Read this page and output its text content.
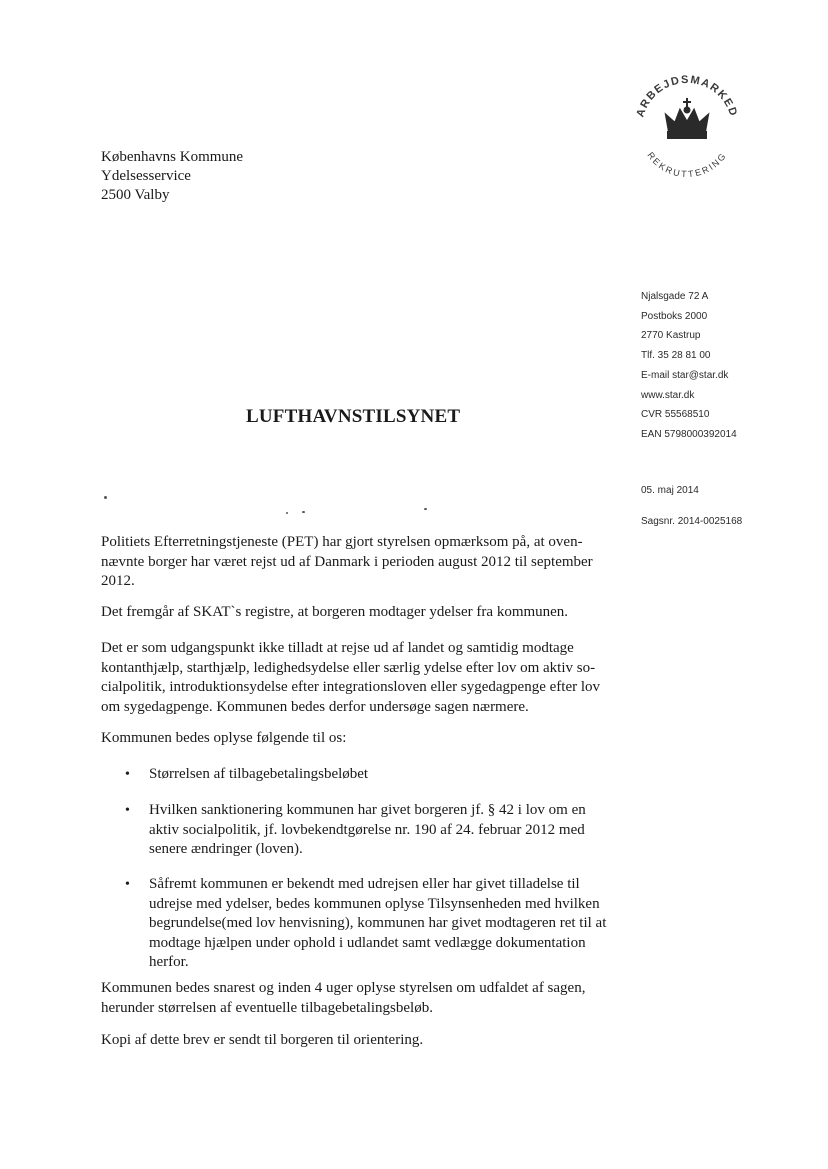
ARBEJDSMARKED
REKRUTTERING
Københavns Kommune
Ydelsesservice
2500 Valby
Njalsgade 72 A
Postboks 2000
2770 Kastrup
Tlf. 35 28 81 00
E-mail star@star.dk
www.star.dk
CVR 55568510
EAN 5798000392014
05. maj 2014
Sagsnr. 2014-0025168
LUFTHAVNSTILSYNET

Politiets Efterretningstjeneste (PET) har gjort styrelsen opmærksom på, at oven-nævnte borger har været rejst ud af Danmark i perioden august 2012 til september 2012.

Det fremgår af SKAT`s registre, at borgeren modtager ydelser fra kommunen.

Det er som udgangspunkt ikke tilladt at rejse ud af landet og samtidig modtage kontanthjælp, starthjælp, ledighedsydelse eller særlig ydelse efter lov om aktiv so-cialpolitik, introduktionsydelse efter integrationsloven eller sygedagpenge efter lov om sygedagpenge. Kommunen bedes derfor undersøge sagen nærmere.

Kommunen bedes oplyse følgende til os:

• Størrelsen af tilbagebetalingsbeløbet
• Hvilken sanktionering kommunen har givet borgeren jf. § 42 i lov om en aktiv socialpolitik, jf. lovbekendtgørelse nr. 190 af 24. februar 2012 med senere ændringer (loven).
• Såfremt kommunen er bekendt med udrejsen eller har givet tilladelse til udrejse med ydelser, bedes kommunen oplyse Tilsynsenheden med hvilken begrundelse(med lov henvisning), kommunen har givet modtageren ret til at modtage hjælpen under ophold i udlandet samt vedlægge dokumentation herfor.

Kommunen bedes snarest og inden 4 uger oplyse styrelsen om udfaldet af sagen, herunder størrelsen af eventuelle tilbagebetalingsbeløb.

Kopi af dette brev er sendt til borgeren til orientering.
